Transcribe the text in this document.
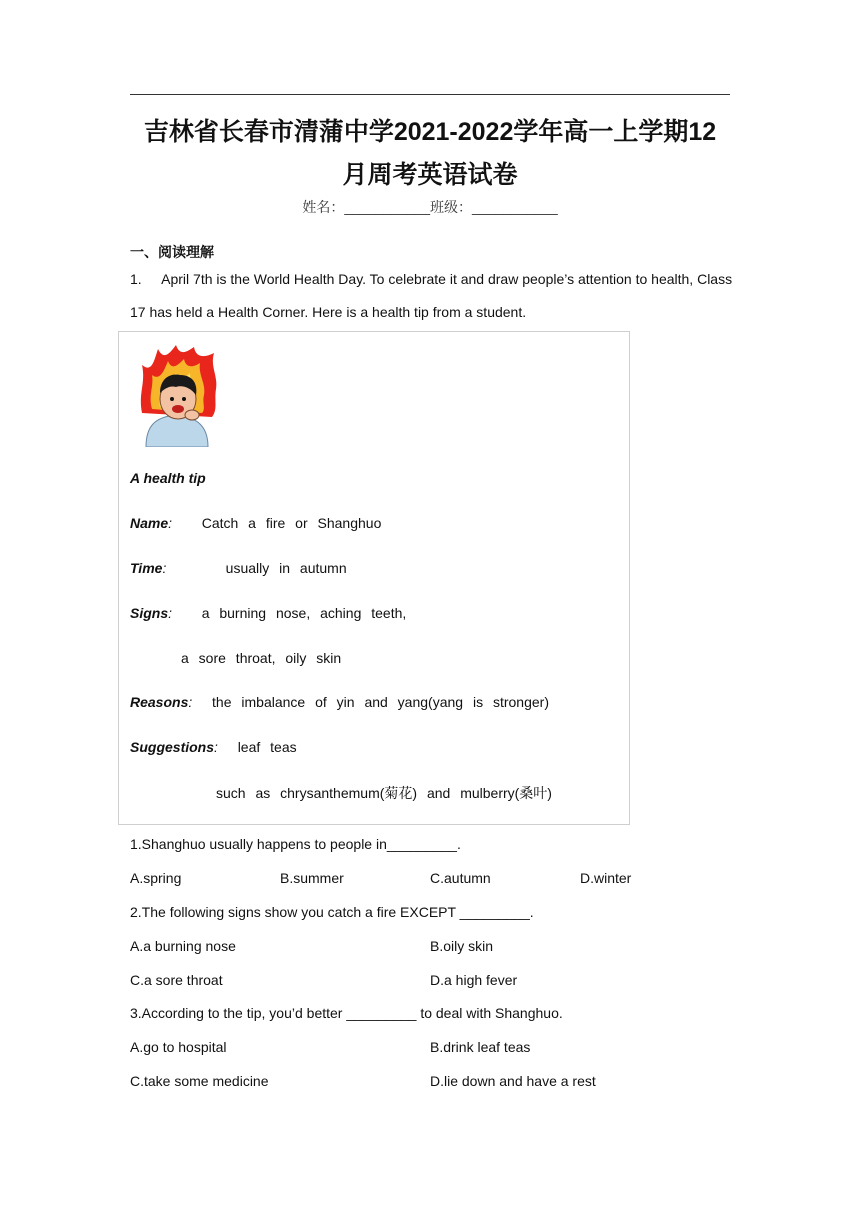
吉林省长春市清蒲中学2021-2022学年高一上学期12
月周考英语试卷
姓名：___________班级：___________
一、阅读理解
1. April 7th is the World Health Day. To celebrate it and draw people’s attention to health, Class
17 has held a Health Corner. Here is a health tip from a student.
A health tip
Name: Catch a fire or Shanghuo
Time:	usually in autumn
Signs: a burning nose, aching teeth,
a sore throat, oily skin
Reasons: the imbalance of yin and yang(yang is stronger)
Suggestions: leaf teas
such as chrysanthemum(菊花) and mulberry(桑叶)
1.Shanghuo usually happens to people in_________.
A.spring	B.summer	C.autumn	D.winter
2.The following signs show you catch a fire EXCEPT _________.
A.a burning nose	B.oily skin
C.a sore throat	D.a high fever
3.According to the tip, you’d better _________ to deal with Shanghuo.
A.go to hospital	B.drink leaf teas
C.take some medicine	D.lie down and have a rest
